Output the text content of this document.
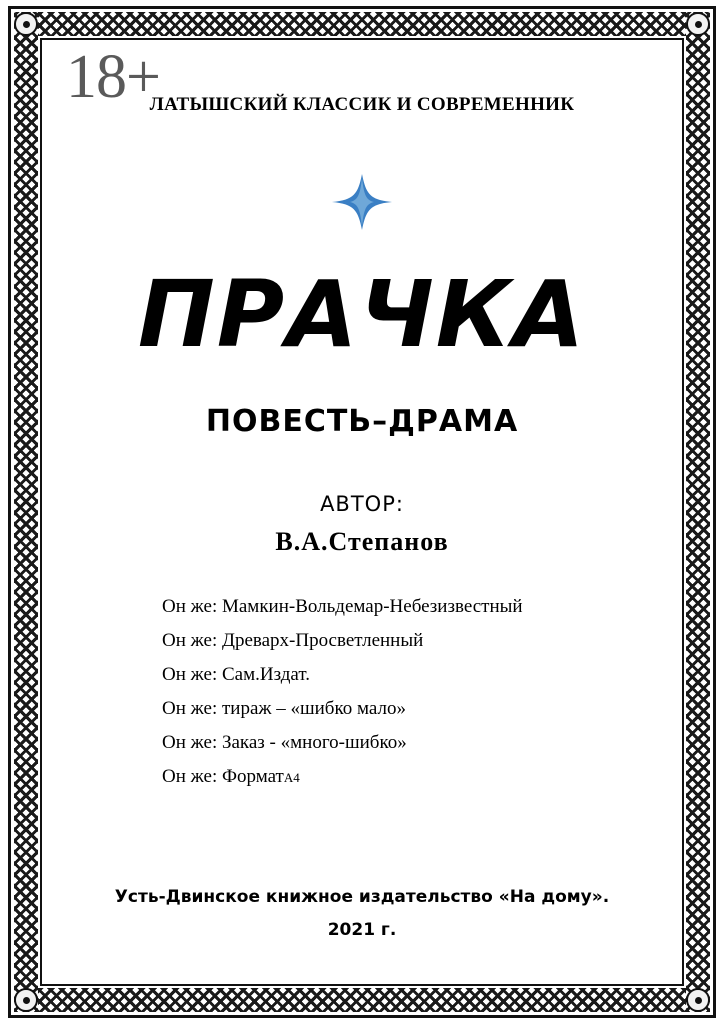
18+
ЛАТЫШСКИЙ КЛАССИК И СОВРЕМЕННИК
ПРАЧКА
ПОВЕСТЬ–ДРАМА
АВТОР:
В.А.Степанов
Он же: Мамкин-Вольдемар-Небезизвестный
Он же: Древарх-Просветленный
Он же: Сам.Издат.
Он же: тираж – «шибко мало»
Он же: Заказ - «много-шибко»
Он же: ФорматА4
Усть-Двинское книжное издательство «На дому».
2021 г.
